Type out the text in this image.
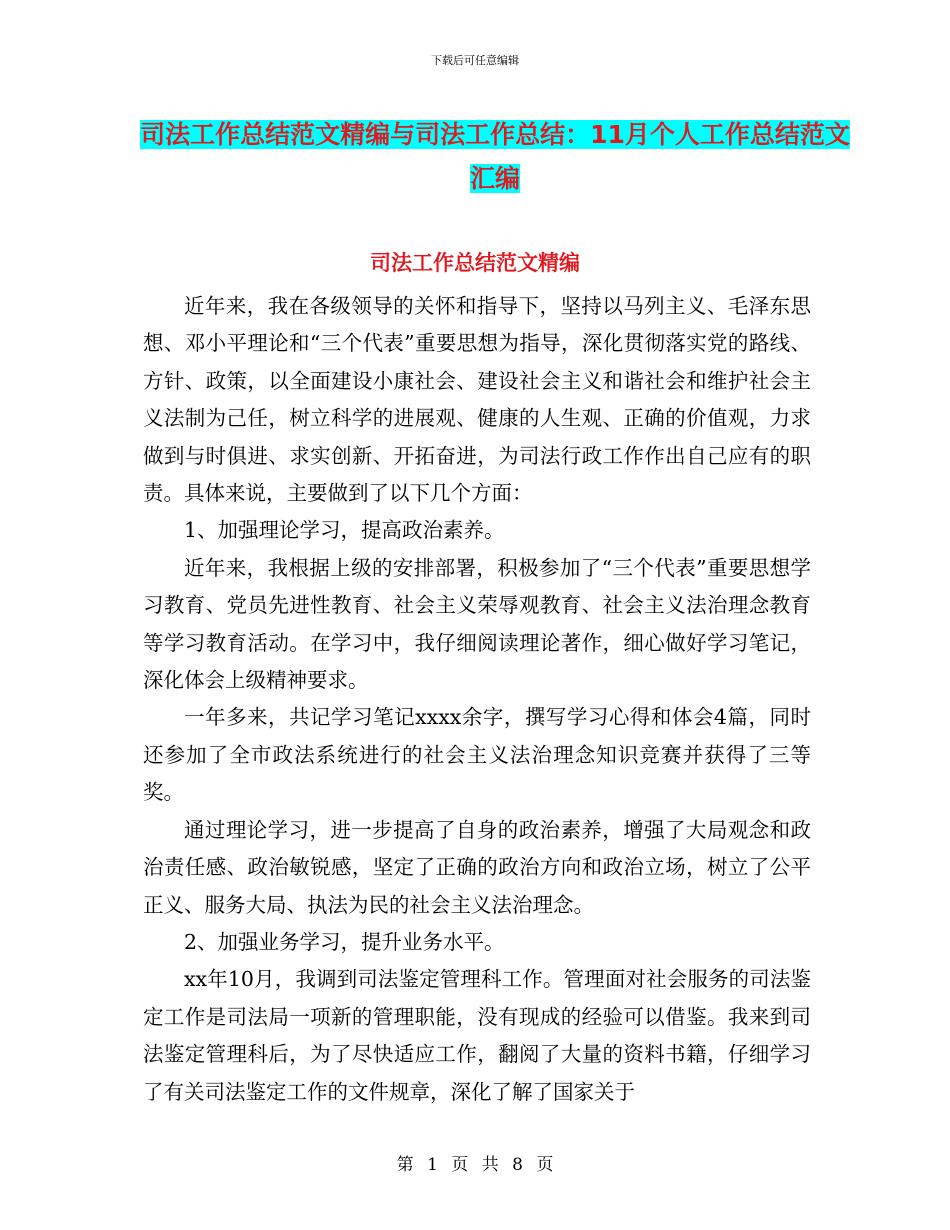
下载后可任意编辑
司法工作总结范文精编与司法工作总结：11月个人工作总结范文汇编
司法工作总结范文精编

近年来，我在各级领导的关怀和指导下，坚持以马列主义、毛泽东思想、邓小平理论和“三个代表”重要思想为指导，深化贯彻落实党的路线、方针、政策，以全面建设小康社会、建设社会主义和谐社会和维护社会主义法制为己任，树立科学的进展观、健康的人生观、正确的价值观，力求做到与时俱进、求实创新、开拓奋进，为司法行政工作作出自己应有的职责。具体来说，主要做到了以下几个方面：

1、加强理论学习，提高政治素养。

近年来，我根据上级的安排部署，积极参加了“三个代表”重要思想学习教育、党员先进性教育、社会主义荣辱观教育、社会主义法治理念教育等学习教育活动。在学习中，我仔细阅读理论著作，细心做好学习笔记，深化体会上级精神要求。

一年多来，共记学习笔记xxxx余字，撰写学习心得和体会4篇，同时还参加了全市政法系统进行的社会主义法治理念知识竞赛并获得了三等奖。

通过理论学习，进一步提高了自身的政治素养，增强了大局观念和政治责任感、政治敏锐感，坚定了正确的政治方向和政治立场，树立了公平正义、服务大局、执法为民的社会主义法治理念。

2、加强业务学习，提升业务水平。

xx年10月，我调到司法鉴定管理科工作。管理面对社会服务的司法鉴定工作是司法局一项新的管理职能，没有现成的经验可以借鉴。我来到司法鉴定管理科后，为了尽快适应工作，翻阅了大量的资料书籍，仔细学习了有关司法鉴定工作的文件规章，深化了解了国家关于

第 1 页 共 8 页
